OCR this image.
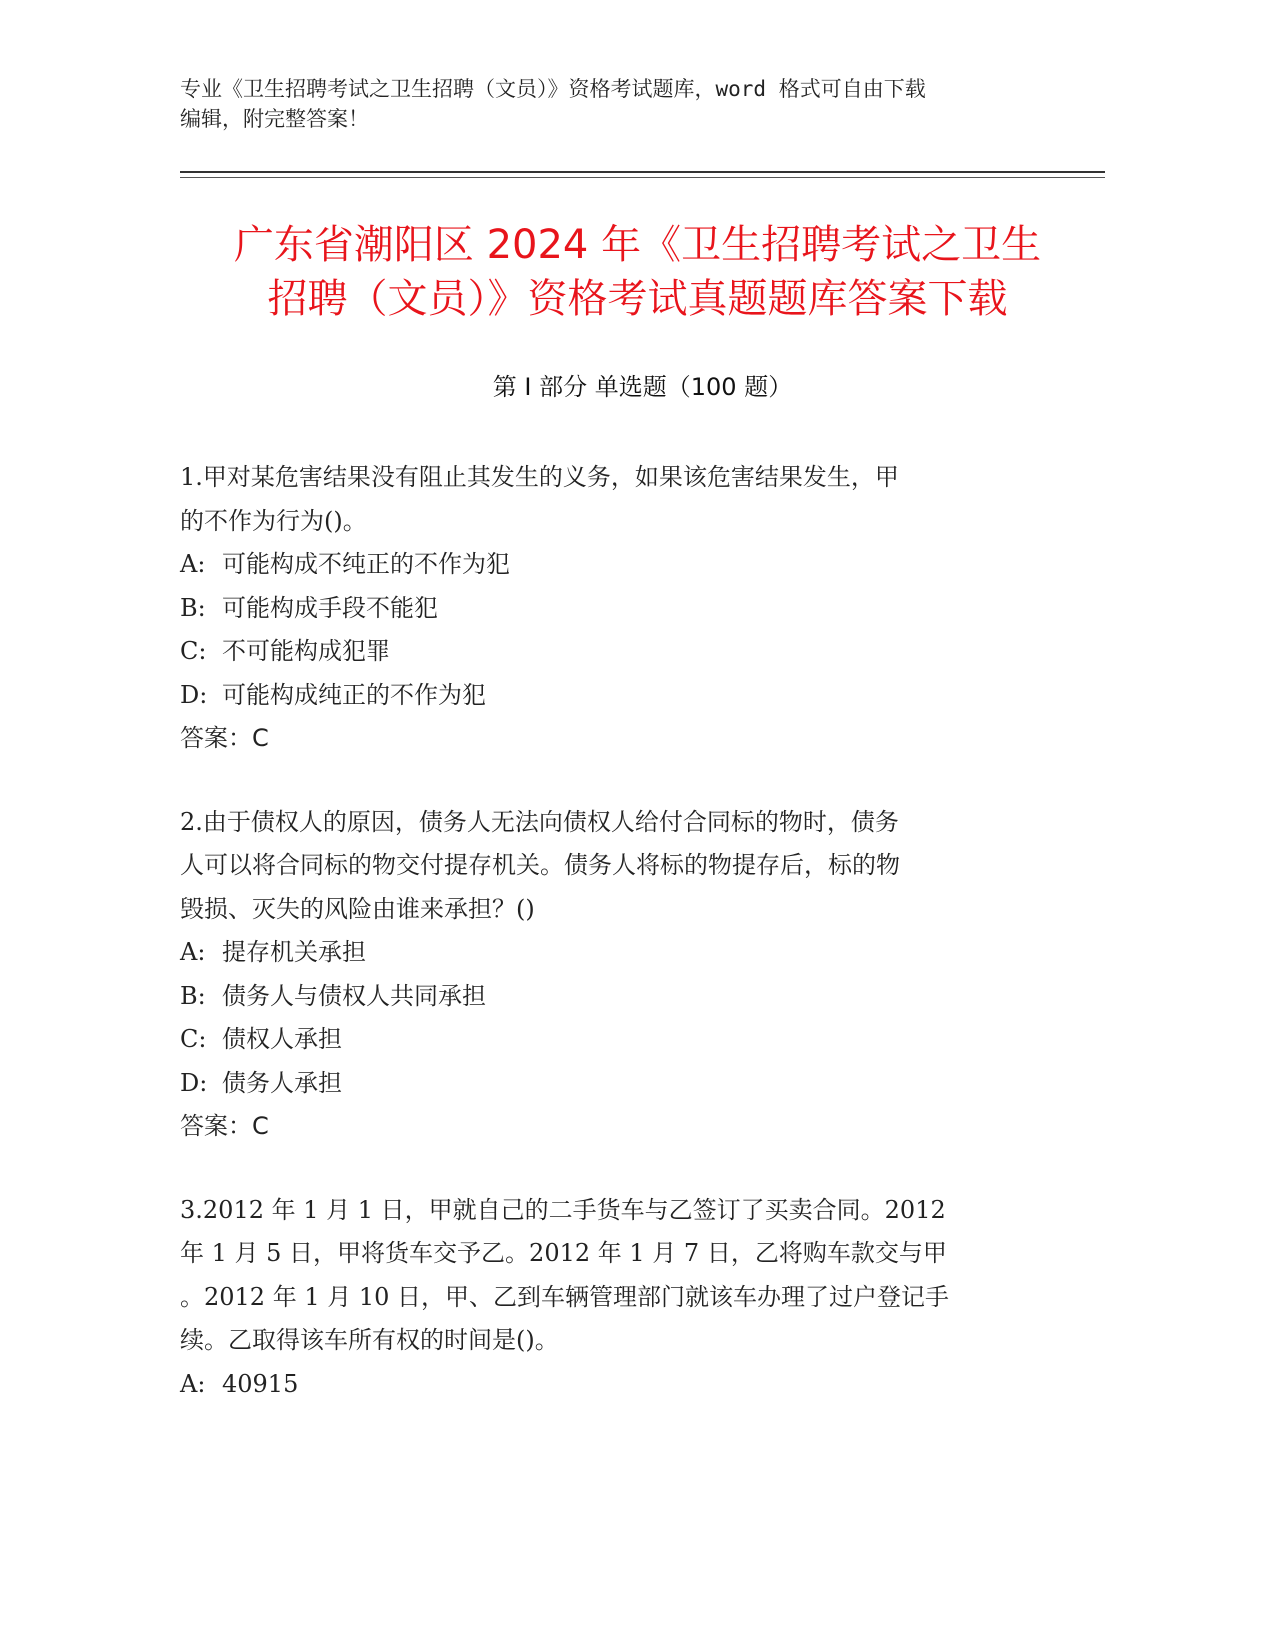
专业《卫生招聘考试之卫生招聘（文员）》资格考试题库，word 格式可自由下载
编辑，附完整答案！
广东省潮阳区 2024 年《卫生招聘考试之卫生
招聘（文员）》资格考试真题题库答案下载
第 I 部分 单选题（100 题）
1.甲对某危害结果没有阻止其发生的义务，如果该危害结果发生，甲
的不作为行为()。
A: 可能构成不纯正的不作为犯
B: 可能构成手段不能犯
C: 不可能构成犯罪
D: 可能构成纯正的不作为犯
答案：C
2.由于债权人的原因，债务人无法向债权人给付合同标的物时，债务
人可以将合同标的物交付提存机关。债务人将标的物提存后，标的物
毁损、灭失的风险由谁来承担？()
A: 提存机关承担
B: 债务人与债权人共同承担
C: 债权人承担
D: 债务人承担
答案：C
3.2012 年 1 月 1 日，甲就自己的二手货车与乙签订了买卖合同。2012
年 1 月 5 日，甲将货车交予乙。2012 年 1 月 7 日，乙将购车款交与甲
。2012 年 1 月 10 日，甲、乙到车辆管理部门就该车办理了过户登记手
续。乙取得该车所有权的时间是()。
A: 40915
